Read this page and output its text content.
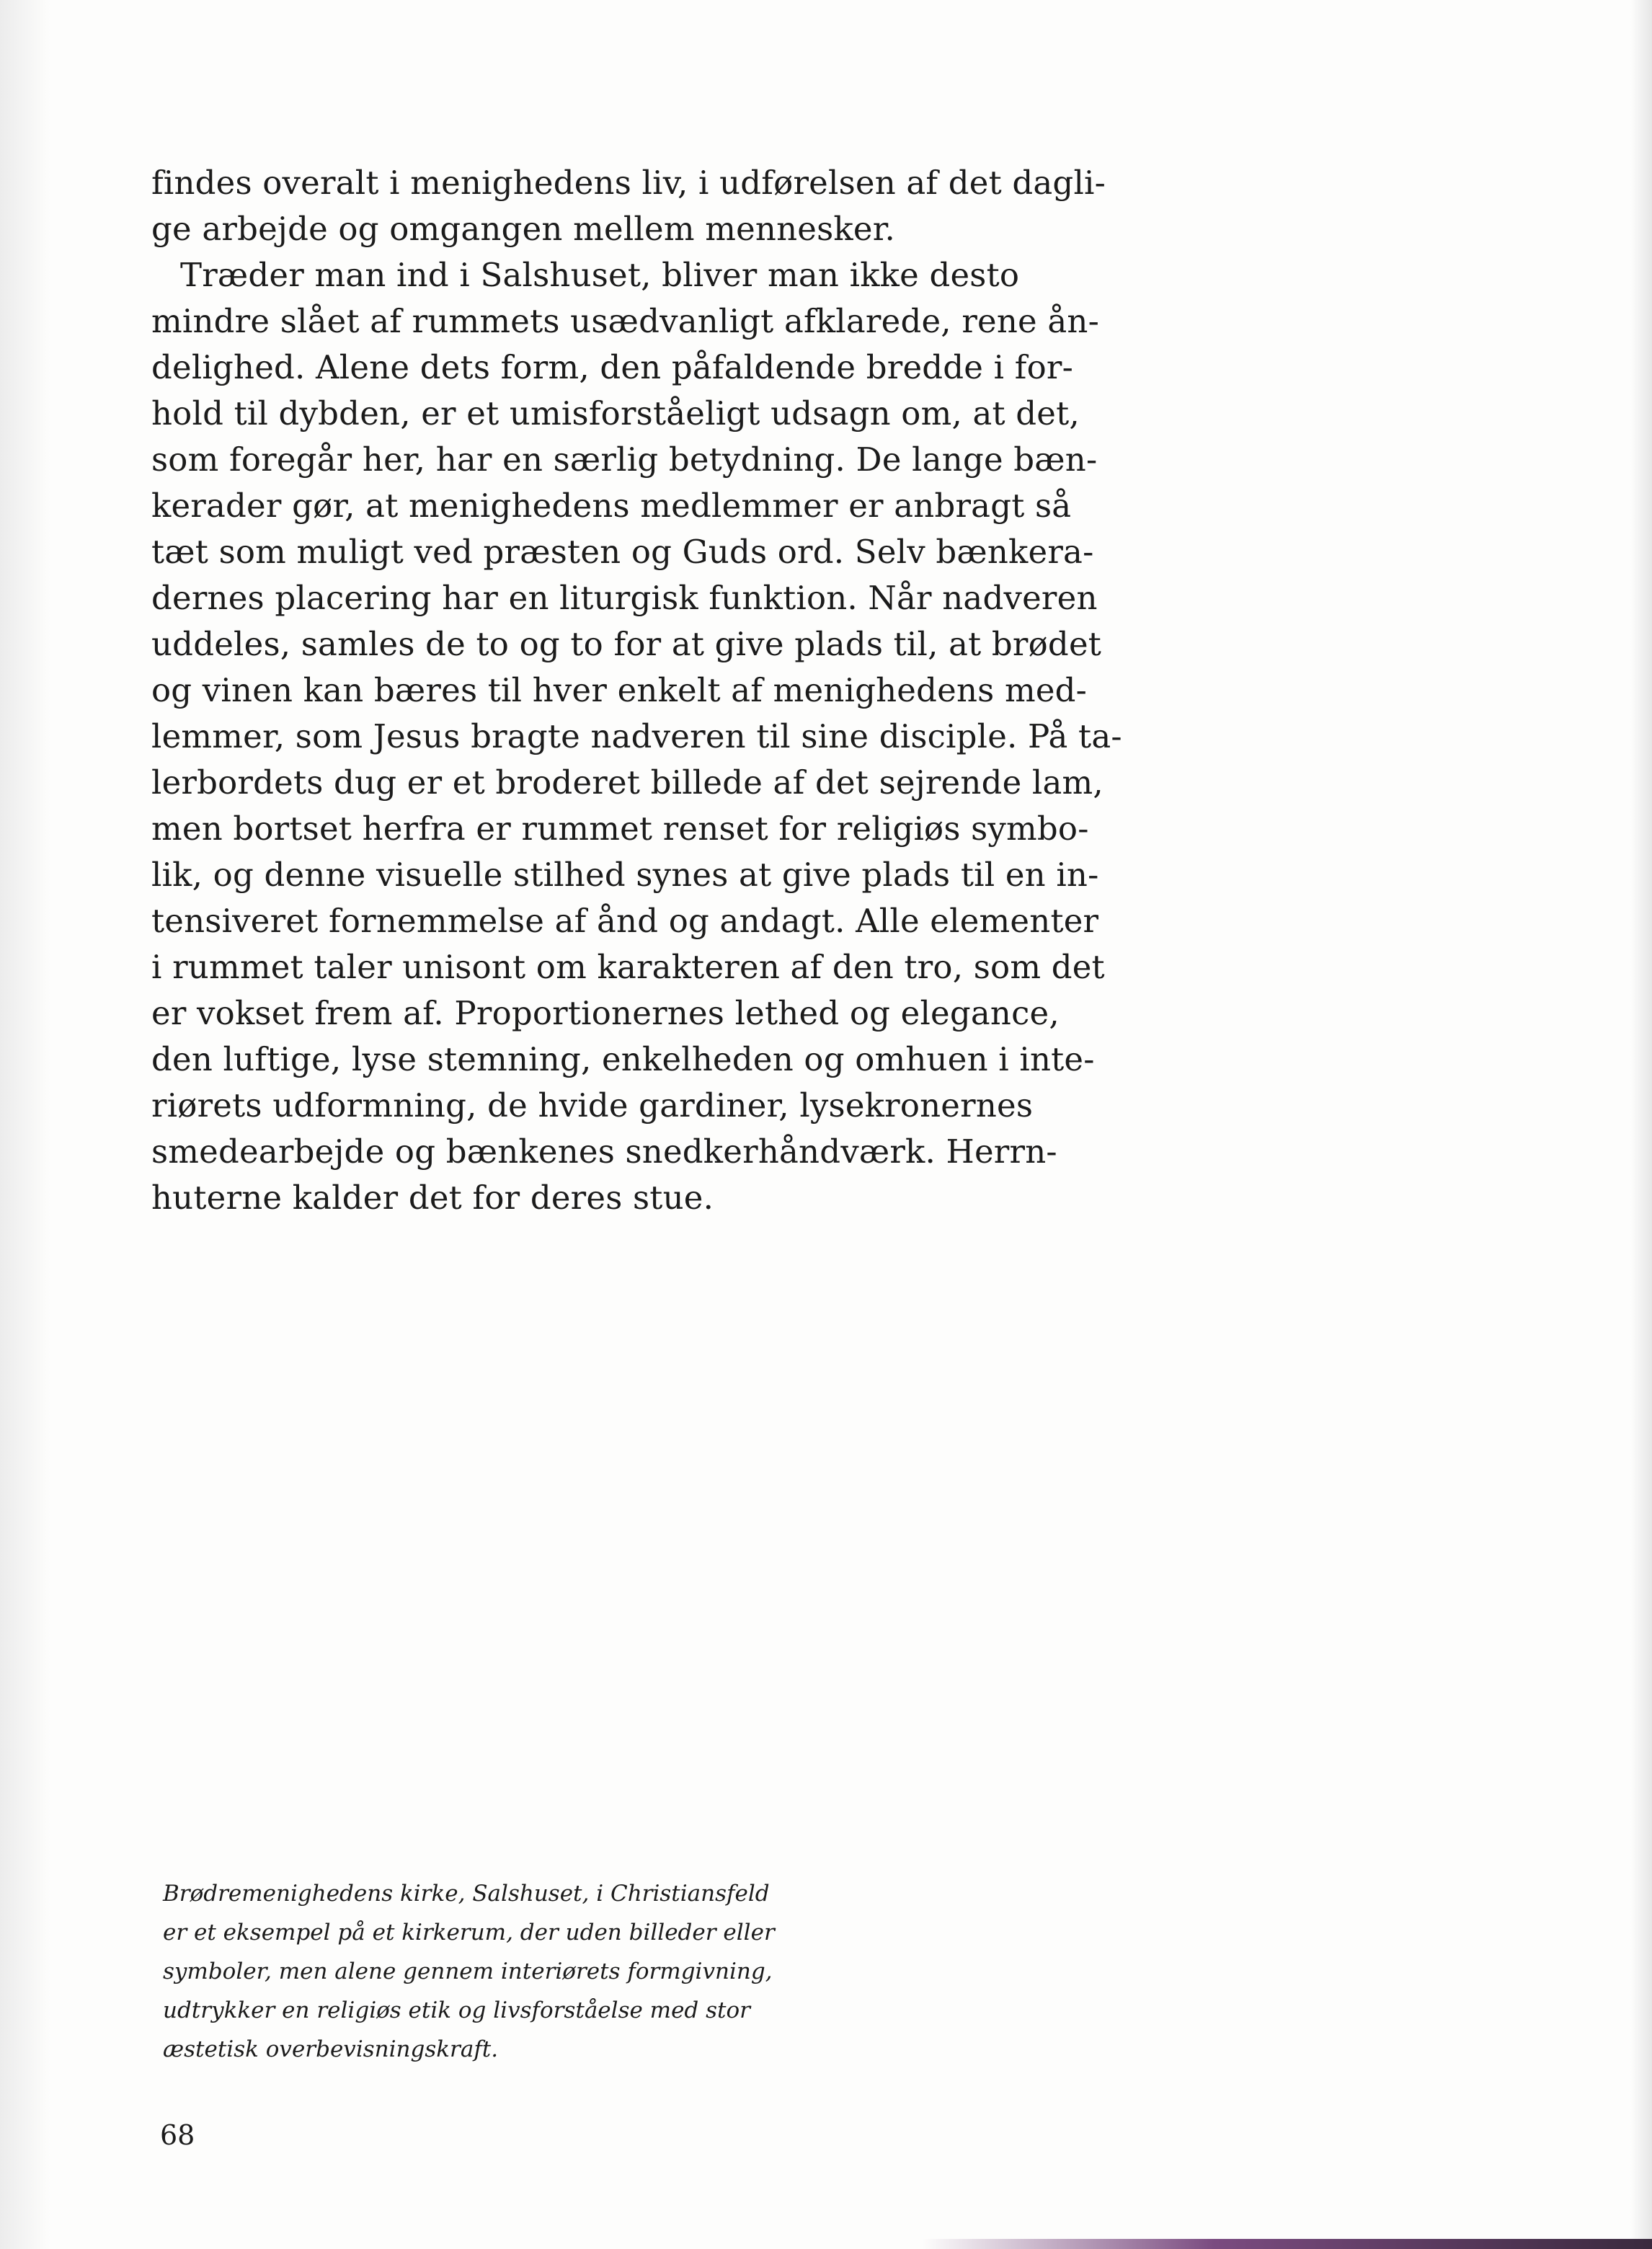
findes overalt i menighedens liv, i udførelsen af det dagli-
ge arbejde og omgangen mellem mennesker.
Træder man ind i Salshuset, bliver man ikke desto
mindre slået af rummets usædvanligt afklarede, rene ån-
delighed. Alene dets form, den påfaldende bredde i for-
hold til dybden, er et umisforståeligt udsagn om, at det,
som foregår her, har en særlig betydning. De lange bæn-
kerader gør, at menighedens medlemmer er anbragt så
tæt som muligt ved præsten og Guds ord. Selv bænkera-
dernes placering har en liturgisk funktion. Når nadveren
uddeles, samles de to og to for at give plads til, at brødet
og vinen kan bæres til hver enkelt af menighedens med-
lemmer, som Jesus bragte nadveren til sine disciple. På ta-
lerbordets dug er et broderet billede af det sejrende lam,
men bortset herfra er rummet renset for religiøs symbo-
lik, og denne visuelle stilhed synes at give plads til en in-
tensiveret fornemmelse af ånd og andagt. Alle elementer
i rummet taler unisont om karakteren af den tro, som det
er vokset frem af. Proportionernes lethed og elegance,
den luftige, lyse stemning, enkelheden og omhuen i inte-
riørets udformning, de hvide gardiner, lysekronernes
smedearbejde og bænkenes snedkerhåndværk. Herrn-
huterne kalder det for deres stue.
Brødremenighedens kirke, Salshuset, i Christiansfeld
er et eksempel på et kirkerum, der uden billeder eller
symboler, men alene gennem interiørets formgivning,
udtrykker en religiøs etik og livsforståelse med stor
æstetisk overbevisningskraft.
68
